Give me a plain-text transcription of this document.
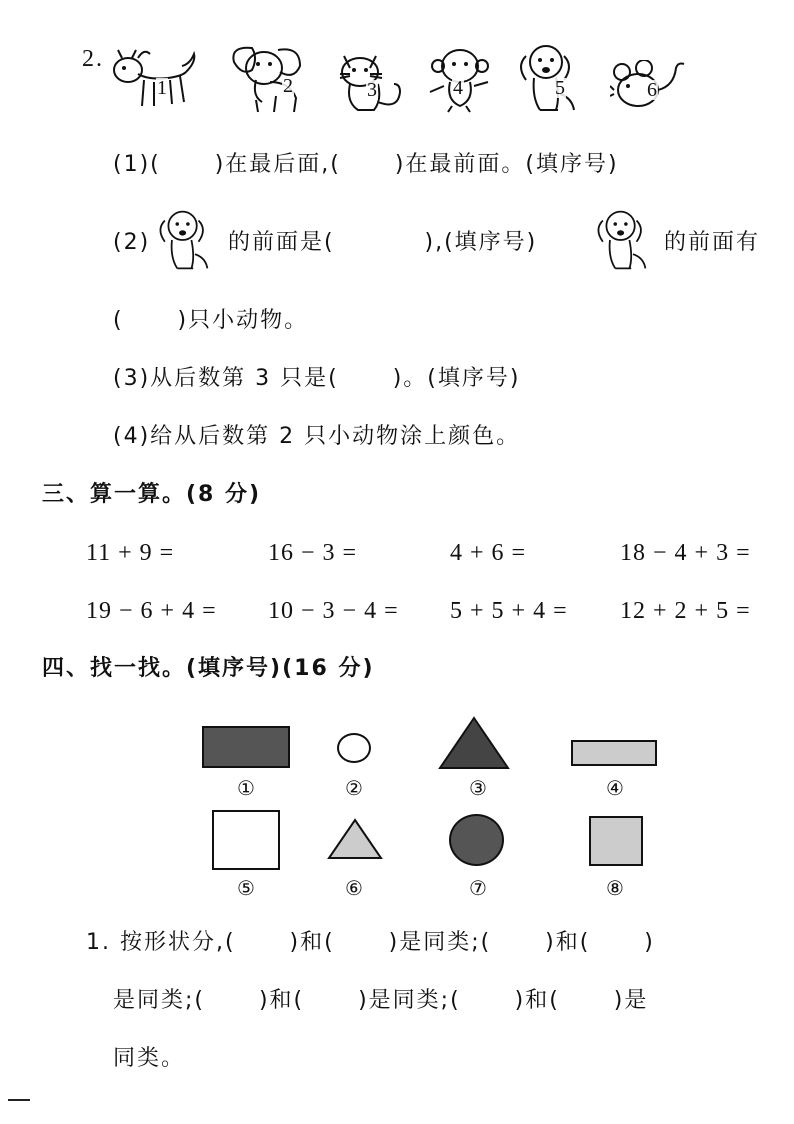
2.
1	2	3	4	5	6
(1)(      )在最后面,(      )在最前面。(填序号)
(2)	的前面是(          ),(填序号)	的前面有
(      )只小动物。
(3)从后数第 3 只是(      )。(填序号)
(4)给从后数第 2 只小动物涂上颜色。
三、算一算。(8 分)
11 + 9 =	16 − 3 =	4 + 6 =	18 − 4 + 3 =
19 − 6 + 4 = 10 − 3 − 4 = 5 + 5 + 4 = 12 + 2 + 5 =
四、找一找。(填序号)(16 分)
①	②	③	④
⑤	⑥	⑦	⑧
1. 按形状分,(      )和(      )是同类;(      )和(      )
是同类;(      )和(      )是同类;(      )和(      )是
同类。
